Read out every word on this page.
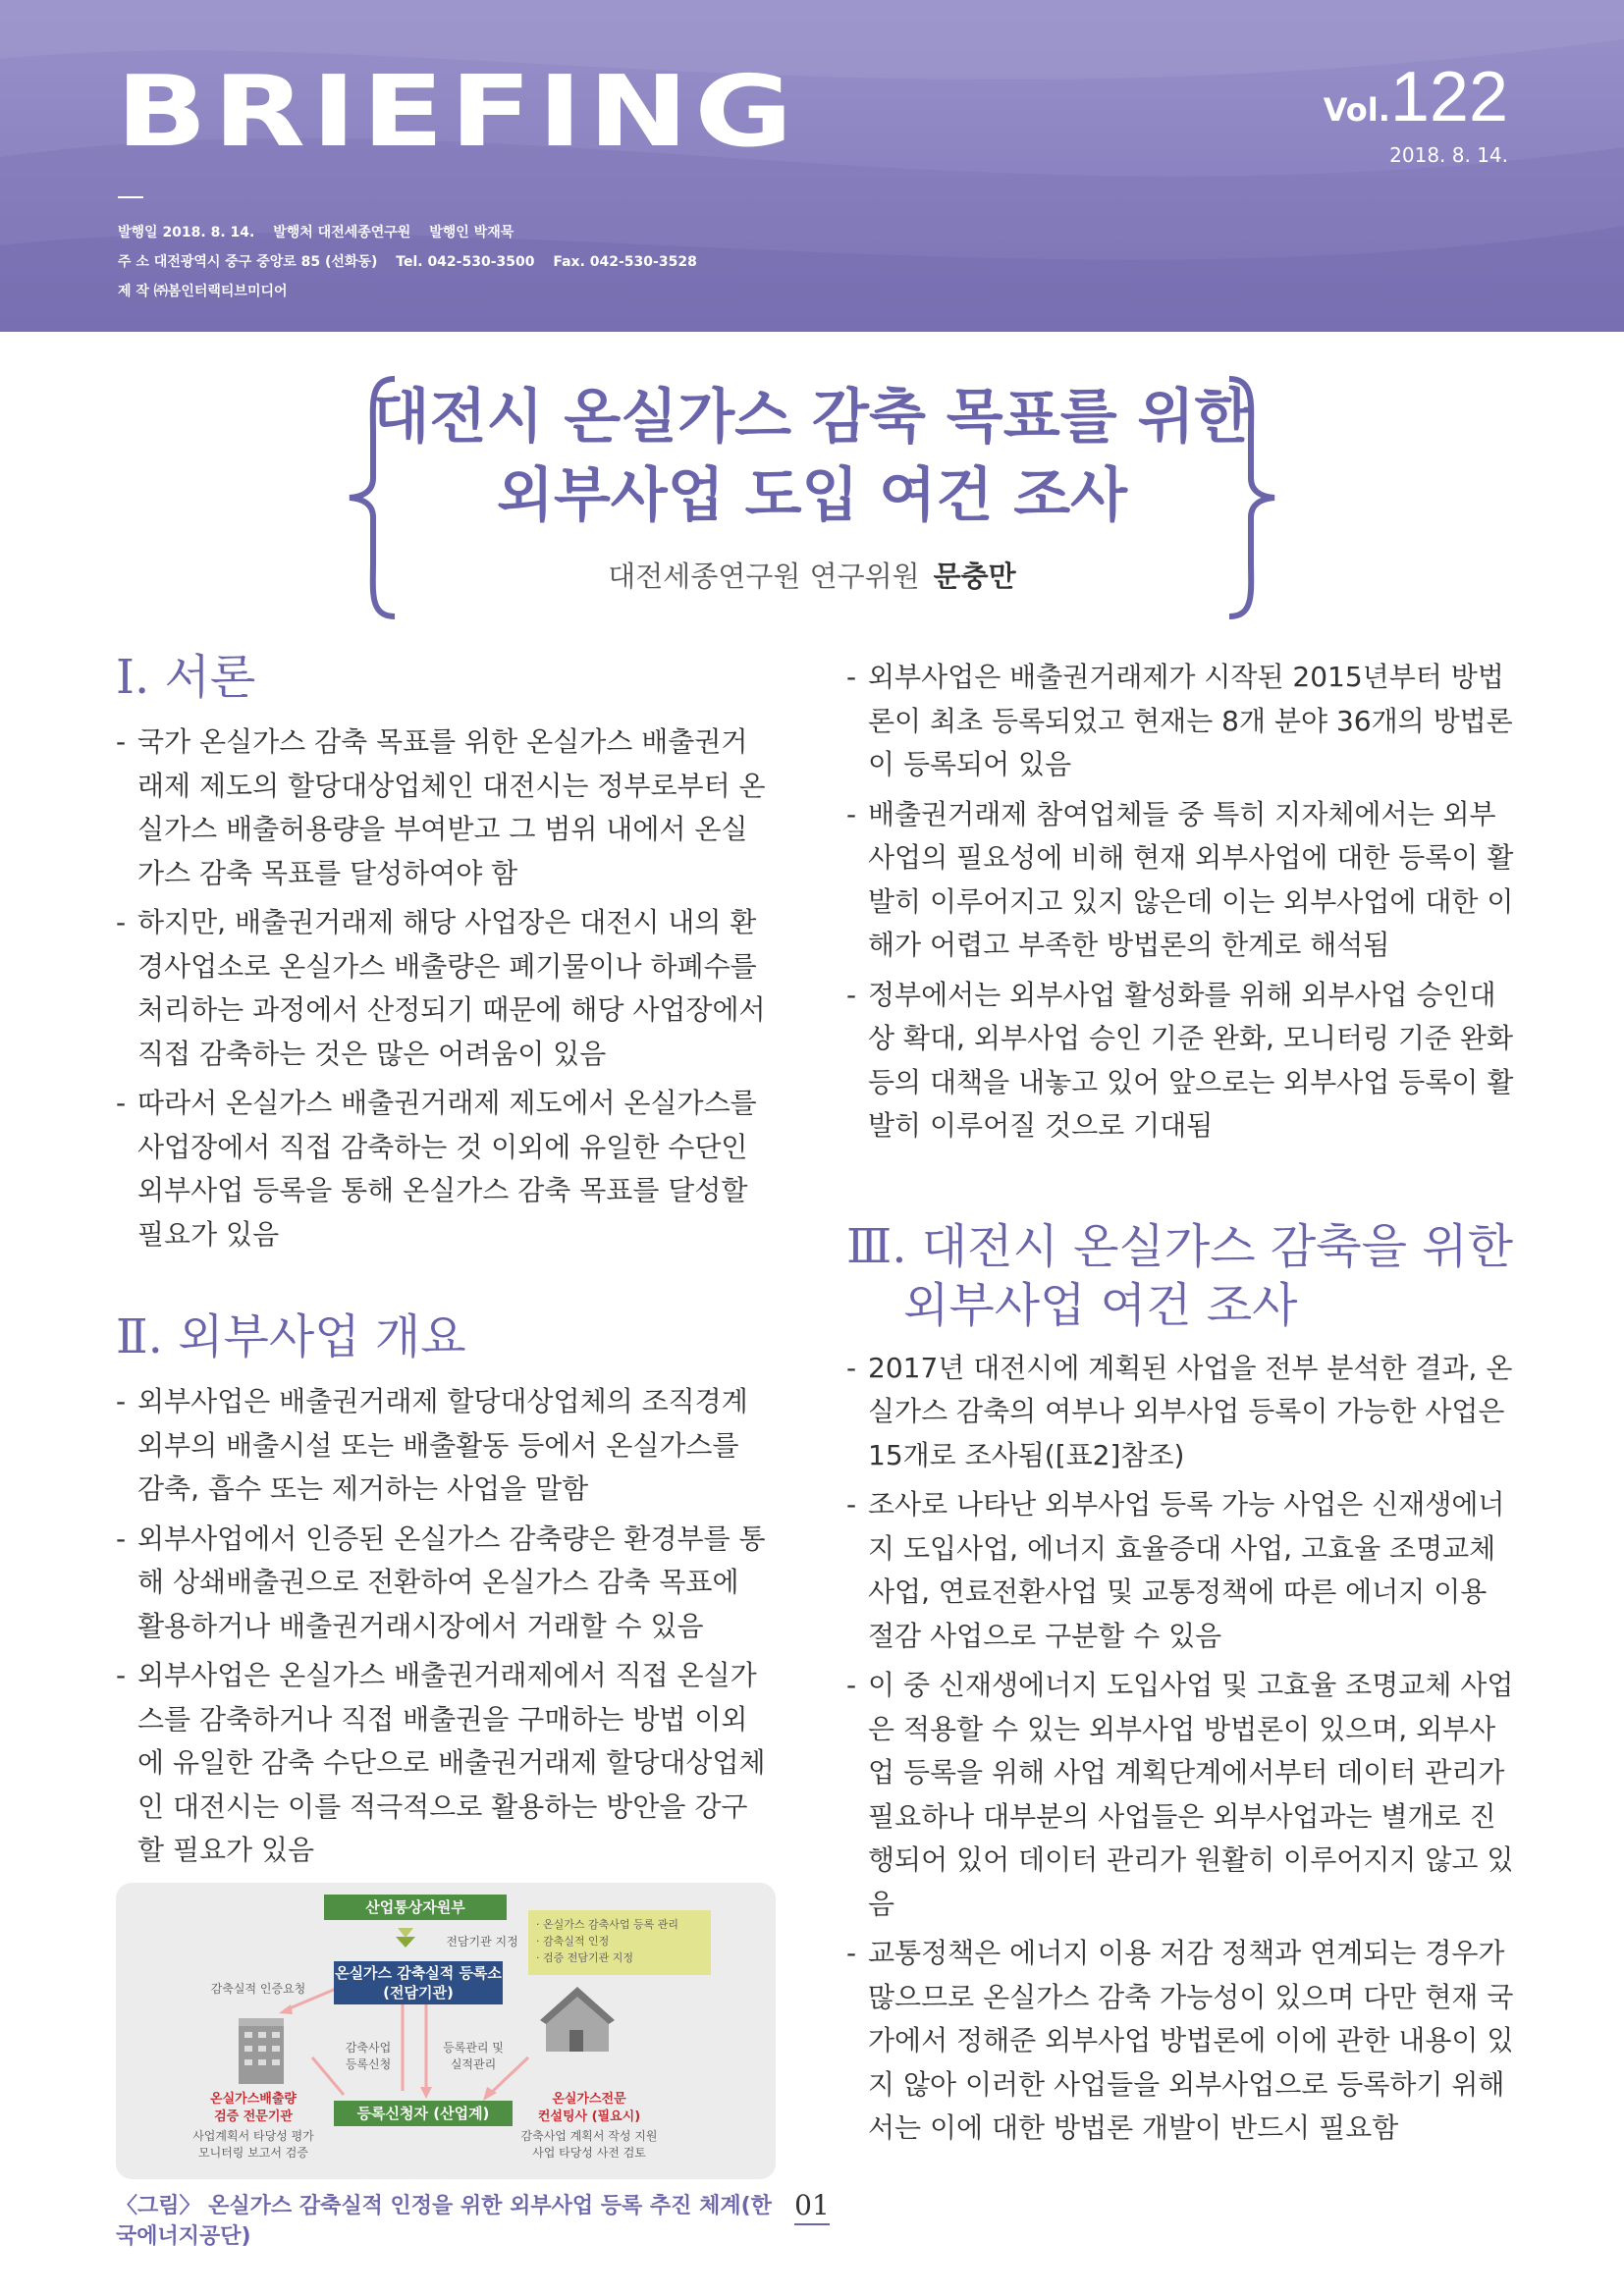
BRIEFING	Vol.122
2018. 8. 14.
발행일 2018. 8. 14. 발행처 대전세종연구원 발행인 박재묵
주 소 대전광역시 중구 중앙로 85 (선화동) Tel. 042-530-3500 Fax. 042-530-3528
제 작 ㈜봄인터랙티브미디어
대전시 온실가스 감축 목표를 위한
외부사업 도입 여건 조사
대전세종연구원 연구위원 문충만
Ⅰ. 서론
- 국가 온실가스 감축 목표를 위한 온실가스 배출권거래제 제도의 할당대상업체인 대전시는 정부로부터 온실가스 배출허용량을 부여받고 그 범위 내에서 온실가스 감축 목표를 달성하여야 함
- 하지만, 배출권거래제 해당 사업장은 대전시 내의 환경사업소로 온실가스 배출량은 폐기물이나 하폐수를 처리하는 과정에서 산정되기 때문에 해당 사업장에서 직접 감축하는 것은 많은 어려움이 있음
- 따라서 온실가스 배출권거래제 제도에서 온실가스를 사업장에서 직접 감축하는 것 이외에 유일한 수단인 외부사업 등록을 통해 온실가스 감축 목표를 달성할 필요가 있음
Ⅱ. 외부사업 개요
- 외부사업은 배출권거래제 할당대상업체의 조직경계 외부의 배출시설 또는 배출활동 등에서 온실가스를 감축, 흡수 또는 제거하는 사업을 말함
- 외부사업에서 인증된 온실가스 감축량은 환경부를 통해 상쇄배출권으로 전환하여 온실가스 감축 목표에 활용하거나 배출권거래시장에서 거래할 수 있음
- 외부사업은 온실가스 배출권거래제에서 직접 온실가스를 감축하거나 직접 배출권을 구매하는 방법 이외에 유일한 감축 수단으로 배출권거래제 할당대상업체인 대전시는 이를 적극적으로 활용하는 방안을 강구할 필요가 있음
산업통상자원부
전담기관 지정
· 온실가스 감축사업 등록 관리
· 감축실적 인정
· 검증 전담기관 지정
온실가스 감축실적 등록소
(전담기관)
감축실적 인증요청
감축사업
등록신청
등록관리 및
실적관리
온실가스배출량
검증 전문기관
사업계획서 타당성 평가
모니터링 보고서 검증
등록신청자 (산업계)
온실가스전문
컨설팅사 (필요시)
감축사업 계획서 작성 지원
사업 타당성 사전 검토
〈그림〉 온실가스 감축실적 인정을 위한 외부사업 등록 추진 체계(한국에너지공단)
- 외부사업은 배출권거래제가 시작된 2015년부터 방법론이 최초 등록되었고 현재는 8개 분야 36개의 방법론이 등록되어 있음
- 배출권거래제 참여업체들 중 특히 지자체에서는 외부사업의 필요성에 비해 현재 외부사업에 대한 등록이 활발히 이루어지고 있지 않은데 이는 외부사업에 대한 이해가 어렵고 부족한 방법론의 한계로 해석됨
- 정부에서는 외부사업 활성화를 위해 외부사업 승인대상 확대, 외부사업 승인 기준 완화, 모니터링 기준 완화 등의 대책을 내놓고 있어 앞으로는 외부사업 등록이 활발히 이루어질 것으로 기대됨
Ⅲ. 대전시 온실가스 감축을 위한
외부사업 여건 조사
- 2017년 대전시에 계획된 사업을 전부 분석한 결과, 온실가스 감축의 여부나 외부사업 등록이 가능한 사업은 15개로 조사됨([표2]참조)
- 조사로 나타난 외부사업 등록 가능 사업은 신재생에너지 도입사업, 에너지 효율증대 사업, 고효율 조명교체 사업, 연료전환사업 및 교통정책에 따른 에너지 이용 절감 사업으로 구분할 수 있음
- 이 중 신재생에너지 도입사업 및 고효율 조명교체 사업은 적용할 수 있는 외부사업 방법론이 있으며, 외부사업 등록을 위해 사업 계획단계에서부터 데이터 관리가 필요하나 대부분의 사업들은 외부사업과는 별개로 진행되어 있어 데이터 관리가 원활히 이루어지지 않고 있음
- 교통정책은 에너지 이용 저감 정책과 연계되는 경우가 많으므로 온실가스 감축 가능성이 있으며 다만 현재 국가에서 정해준 외부사업 방법론에 이에 관한 내용이 있지 않아 이러한 사업들을 외부사업으로 등록하기 위해서는 이에 대한 방법론 개발이 반드시 필요함
01
